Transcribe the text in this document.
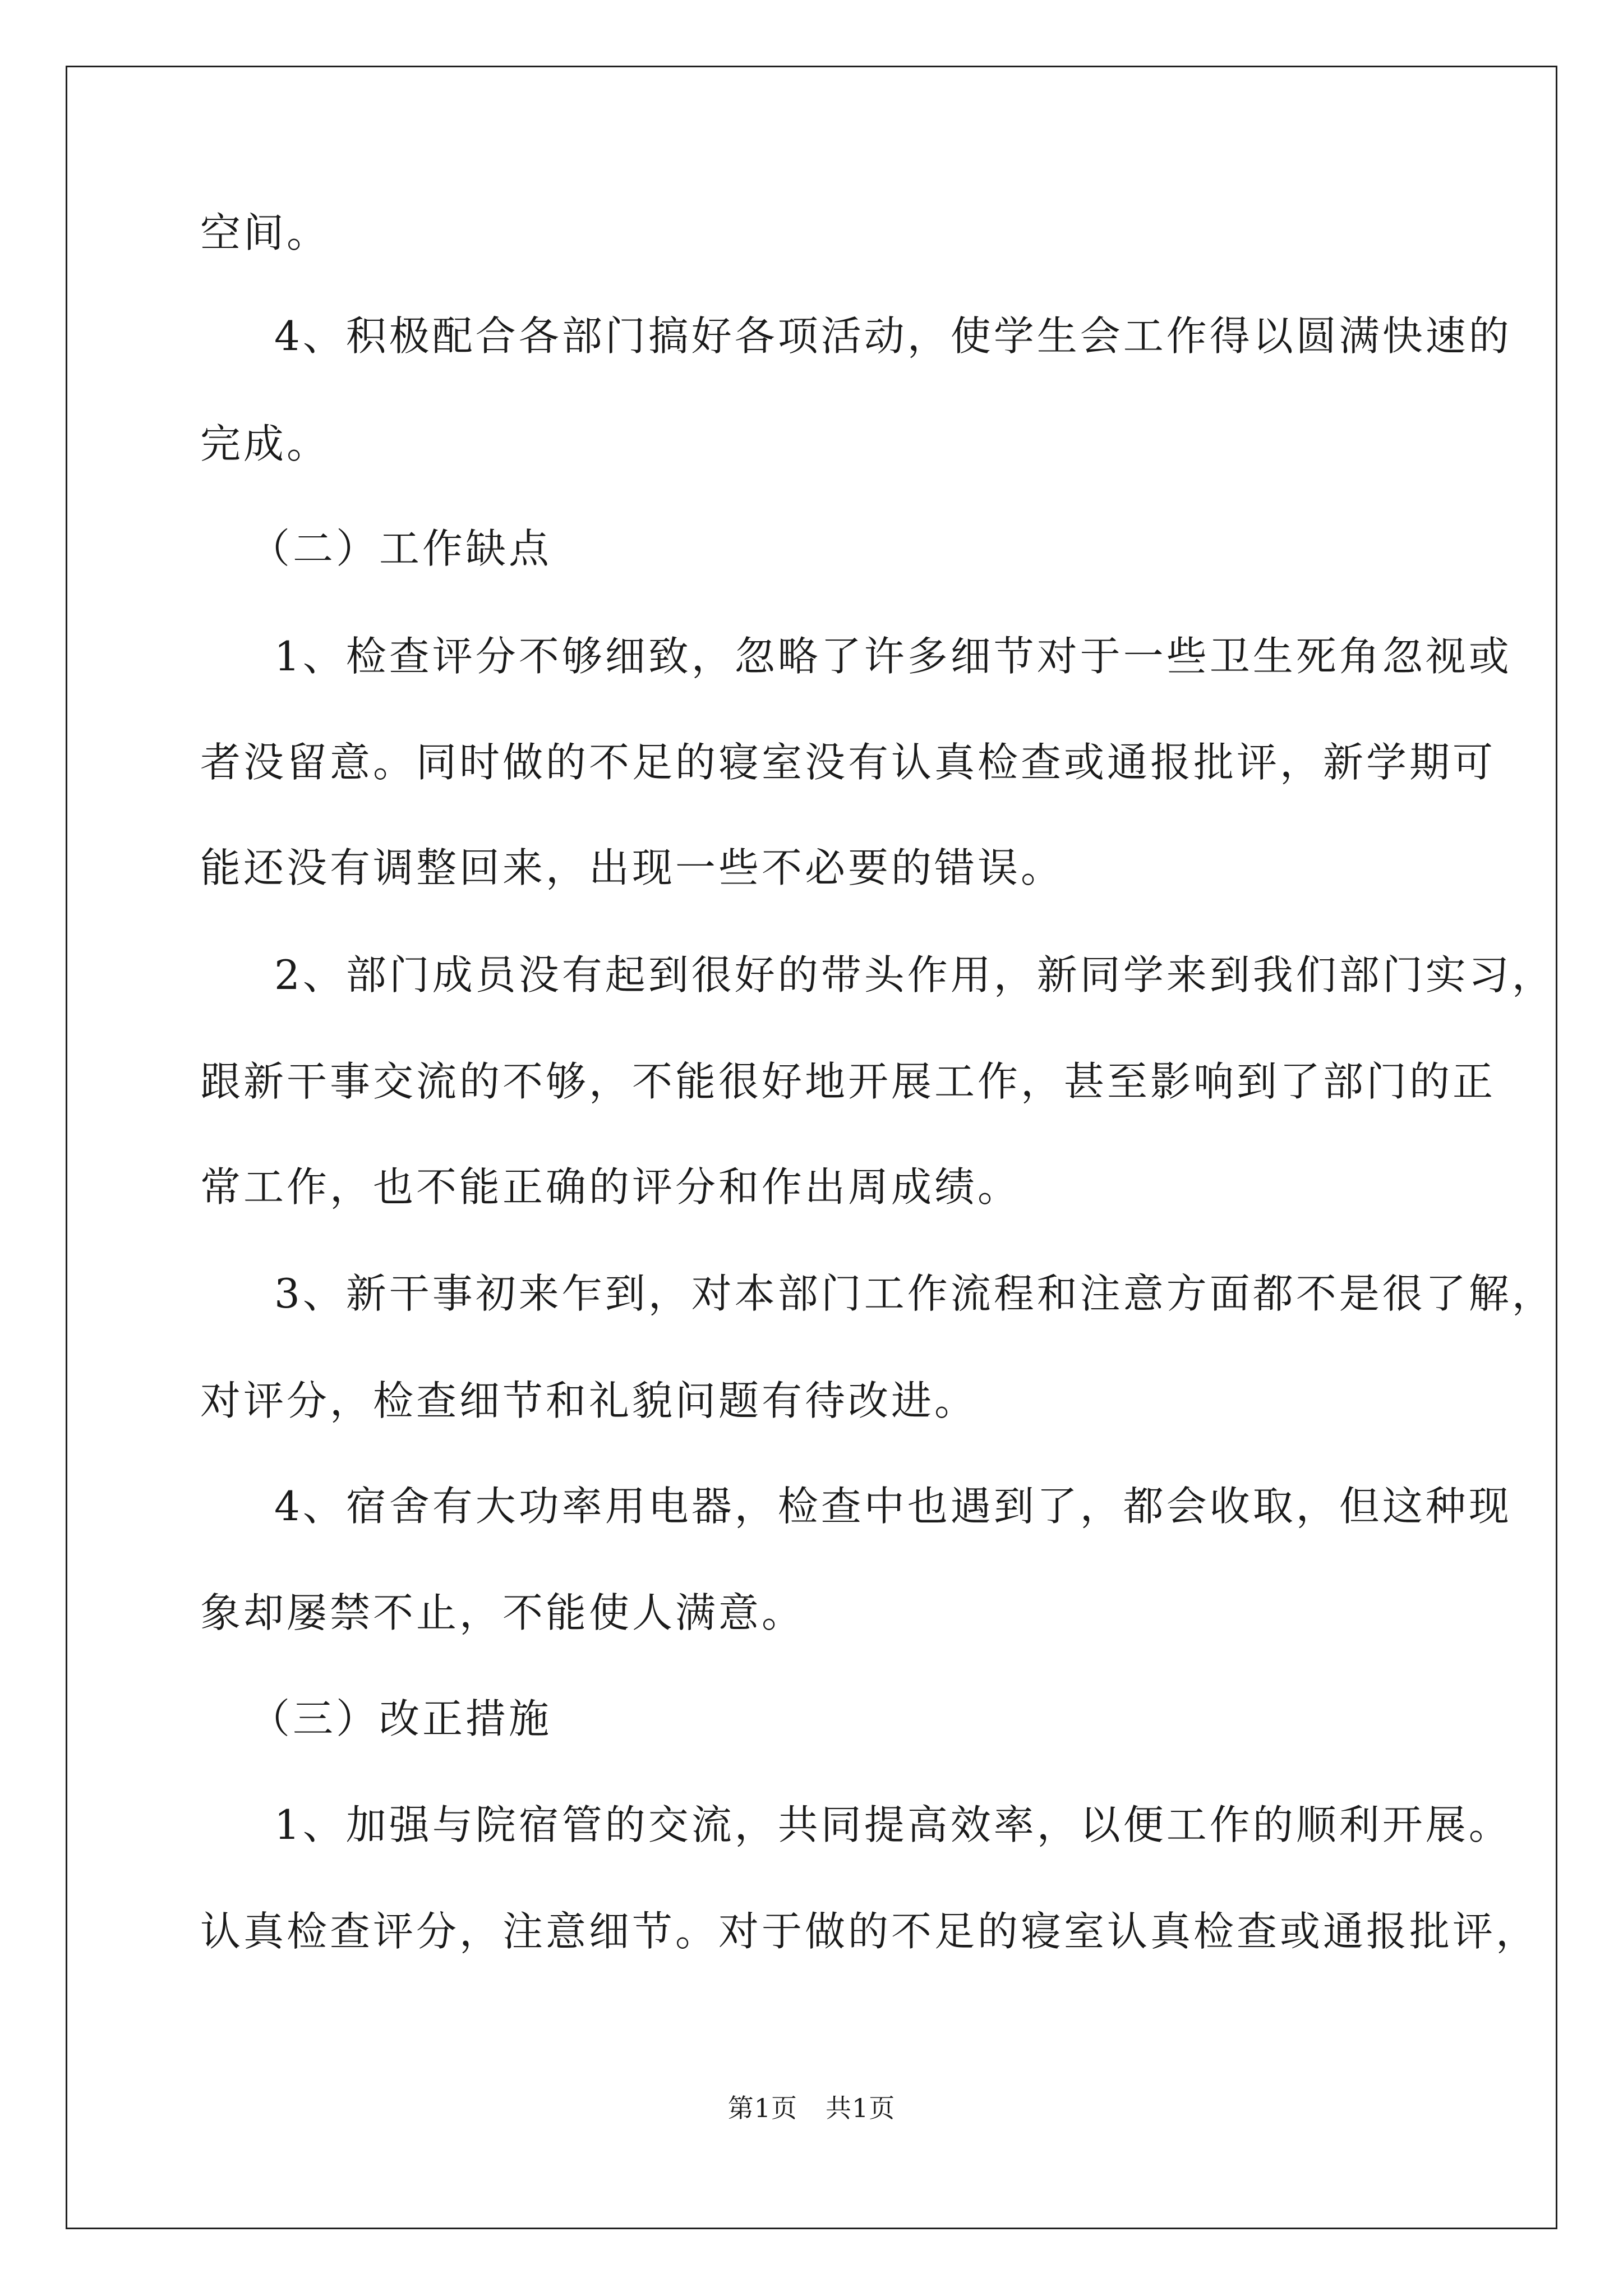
空间。
4、积极配合各部门搞好各项活动，使学生会工作得以圆满快速的
完成。
（二）工作缺点
1、检查评分不够细致，忽略了许多细节对于一些卫生死角忽视或
者没留意。同时做的不足的寝室没有认真检查或通报批评，新学期可
能还没有调整回来，出现一些不必要的错误。
2、部门成员没有起到很好的带头作用，新同学来到我们部门实习，
跟新干事交流的不够，不能很好地开展工作，甚至影响到了部门的正
常工作，也不能正确的评分和作出周成绩。
3、新干事初来乍到，对本部门工作流程和注意方面都不是很了解，
对评分，检查细节和礼貌问题有待改进。
4、宿舍有大功率用电器，检查中也遇到了，都会收取，但这种现
象却屡禁不止，不能使人满意。
（三）改正措施
1、加强与院宿管的交流，共同提高效率，以便工作的顺利开展。
认真检查评分，注意细节。对于做的不足的寝室认真检查或通报批评，
第1页 共1页
